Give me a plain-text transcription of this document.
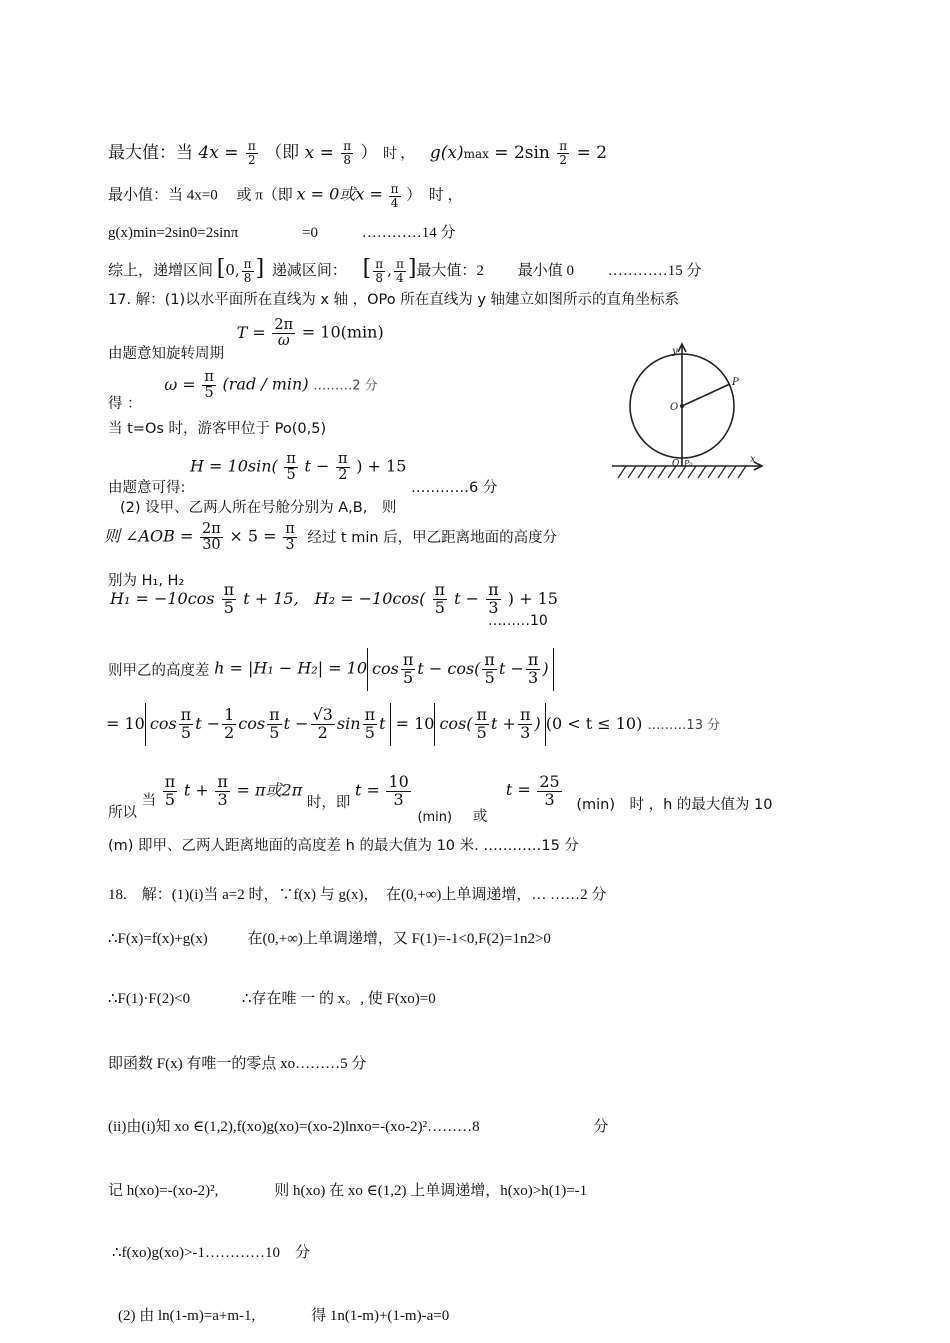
最大值：当 $4x = \frac{\pi}{2}$ （即 $x = \frac{\pi}{8}$ ） 时 ， $g(x)\max = 2\sin \frac{\pi}{2} = 2$
最小值：当 4x=0　 或 π（即 x = 0或$x = \frac{\pi}{4}$ ）　时 ，
g(x)min=2sin0=2sinπ	=0	…………14 分
综上，递增区间 [0, $\frac{\pi}{8}$ ] 递减区间： [ $\frac{\pi}{8}$ , $\frac{\pi}{4}$ ]最大值：2 最小值 0 …………15 分
17. 解：(1)以水平面所在直线为 x 轴 ，OPo 所在直线为 y 轴建立如图所示的直角坐标系
由题意知旋转周期 $T = \frac{2\pi}{\omega} = 10(\min)$
得 ： $\omega = \frac{\pi}{5} (rad / \min)$ ………2 分
当 t=Os 时，游客甲位于 Po(0,5)
由题意可得: $H = 10\sin( \frac{\pi}{5}$ $t - \frac{\pi}{2}$ ) + 15 …………6 分
(2) 设甲、乙两人所在号舱分别为 A,B,　则
则 ∠AOB = $\frac{2\pi}{30} \times 5 = \frac{\pi}{3}$ 经过 t min 后，甲乙距离地面的高度分
别为 H₁, H₂
$H_1 = -10\cos \frac{\pi}{5}$ t + 15,　$H_2 = -10\cos( \frac{\pi}{5}$ $t - \frac{\pi}{3}$ ) + 15
………10
则甲乙的高度差 h = |H₁ − H₂| = 10 $\cos \frac{\pi}{5}$ $t - \cos( \frac{\pi}{5}$ $t - \frac{\pi}{3}$ )
= 10 $\cos \frac{\pi}{5}$ $t - \frac{1}{2}$ $\cos \frac{\pi}{5}$ $t - \frac{√3}{2}$ $\sin \frac{\pi}{5}$ t = 10 $\cos( \frac{\pi}{5}$ $t + \frac{\pi}{3}$ ) (0 < t ≤ 10) ………13 分
所以 当 $\frac{\pi}{5}$ $t + \frac{\pi}{3} = \pi$或2π 时，即 $t = \frac{10}{3}$
(min) 或 $t = \frac{25}{3} (\min)$　时 ，h 的最大值为 10
(m) 即甲、乙两人距离地面的高度差 h 的最大值为 10 米. …………15 分
18.　解：(1)(i)当 a=2 时，∵f(x) 与 g(x)，　在(0,+∞)上单调递增，… ……2 分
∴F(x)=f(x)+g(x)	在(0,+∞)上单调递增，又 F(1)=-1<0,F(2)=1n2>0
∴F(1)·F(2)<0	∴存在唯 一 的 x。, 使 F(xo)=0
即函数 F(x) 有唯一的零点 xo………5 分
(ii)由(i)知 xo ∈(1,2),f(xo)g(xo)=(xo-2)lnxo=-(xo-2)²………8	分
记 h(xo)=-(xo-2)²,	则 h(xo) 在 xo ∈(1,2) 上单调递增，h(xo)>h(1)=-1
∴f(xo)g(xo)>-1…………10　分
(2) 由 ln(1-m)=a+m-1,	得 1n(1-m)+(1-m)-a=0
y
O
P
O P₀	x
